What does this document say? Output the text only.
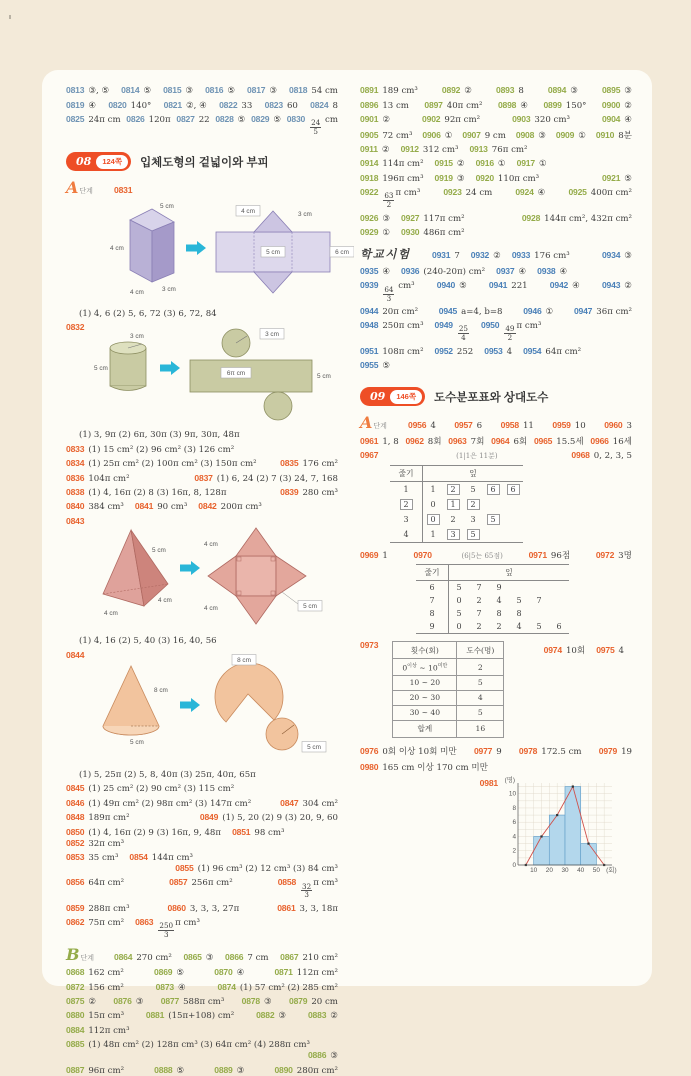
0813 ③, ⑤ 0814 ⑤ 0815 ③ 0816 ⑤ 0817 ③ 0818 54 cm
0819 ④ 0820 140° 0821 ②, ④ 0822 33 0823 60 0824 8
0825 24π cm 0826 120π 0827 22 0828 ⑤ 0829 ⑤ 0830
$\frac{24}{5}$ cm
08	124쪽	입체도형의 겉넓이와 부피
A 단계 0831
5 cm
4 cm
4 cm	3 cm
4 cm	3 cm
5 cm	6 cm
(1) 4, 6 (2) 5, 6, 72 (3) 6, 72, 84
0832
3 cm
5 cm
3 cm
6π cm	5 cm
(1) 3, 9π (2) 6π, 30π (3) 9π, 30π, 48π
0833 (1) 15 cm² (2) 96 cm² (3) 126 cm²
0834 (1) 25π cm² (2) 100π cm² (3) 150π cm²	0835 176 cm²
0836 104π cm²	0837 (1) 6, 24 (2) 7 (3) 24, 7, 168
0838 (1) 4, 16π (2) 8 (3) 16π, 8, 128π	0839 280 cm³
0840 384 cm³ 0841 90 cm³ 0842 200π cm³
0843
5 cm
4 cm
4 cm
4 cm
4 cm	5 cm
(1) 4, 16 (2) 5, 40 (3) 16, 40, 56
0844
8 cm
5 cm
8 cm
5 cm
(1) 5, 25π (2) 5, 8, 40π (3) 25π, 40π, 65π
0845 (1) 25 cm² (2) 90 cm² (3) 115 cm²
0846 (1) 49π cm² (2) 98π cm² (3) 147π cm²	0847 304 cm²
0848 189π cm²	0849 (1) 5, 20 (2) 9 (3) 20, 9, 60
0850 (1) 4, 16π (2) 9 (3) 16π, 9, 48π 0851 98 cm³
0852 32π cm³
0853 35 cm³ 0854 144π cm³
0855 (1) 96 cm³ (2) 12 cm³ (3) 84 cm³
0856 64π cm²	0857 256π cm²	0858
$\frac{32}{3}$ π cm³
0859 288π cm³	0860 3, 3, 3, 27π	0861 3, 3, 18π
0862 75π cm² 0863
$\frac{250}{3}$ π cm³
B 단계 0864 270 cm² 0865 ③ 0866 7 cm 0867 210 cm²
0868 162 cm²	0869 ⑤	0870 ④	0871 112π cm²
0872 156 cm²	0873 ④	0874 (1) 57 cm² (2) 285 cm²
0875 ② 0876 ③ 0877 588π cm³ 0878 ③ 0879 20 cm
0880 15π cm³	0881 (15π+108) cm²	0882 ③	0883 ②
0884 112π cm³
0885 (1) 48π cm² (2) 128π cm³ (3) 64π cm² (4) 288π cm³
0886 ③
0887 96π cm²	0888 ⑤	0889 ③	0890 280π cm²
0891 189 cm³	0892 ②	0893 8	0894 ③	0895 ③
0896 13 cm 0897 40π cm² 0898 ④ 0899 150° 0900 ②
0901 ②	0902 92π cm²	0903 320 cm³	0904 ④
0905 72 cm³ 0906 ① 0907 9 cm 0908 ③ 0909 ① 0910 8분
0911 ② 0912 312 cm³ 0913 76π cm²
0914 114π cm² 0915 ② 0916 ① 0917 ①
0918 196π cm³ 0919 ③ 0920 110π cm³	0921 ⑤
0922
$\frac{63}{2}$ π cm³	0923 24 cm	0924 ④	0925 400π cm²
0926 ③ 0927 117π cm²	0928 144π cm², 432π cm²
0929 ① 0930 486π cm²
학교시험	0931 7 0932 ② 0933 176 cm³	0934 ③
0935 ④ 0936 (240-20π) cm² 0937 ④ 0938 ④
0939
$\frac{64}{3} cm^3$	0940 ⑤	0941 221	0942 ④	0943 ②
0944 20π cm² 0945 a=4, b=8 0946 ① 0947 36π cm²
0948 250π cm³ 0949
$\frac{25}{4}$
0950
$\frac{49}{2}$ π cm³
0951 108π cm² 0952 252 0953 4 0954 64π cm²
0955 ⑤
09	146쪽	도수분포표와 상대도수
A 단계 0956 4 0957 6 0958 11 0959 10 0960 3
0961 1, 8 0962 8회 0963 7회 0964 6회 0965 15.5세 0966 16세
0967	(1|1은 11분)	0968 0, 2, 3, 5
줄기	잎				
1	1	2	5	6	6
2	0	1	2		
3	0	2	3	5	
4	1	3	5		
0969 1	0970	(6|5는 65점)	0971 96점	0972 3명
줄기	잎					
6	5	7	9			
7	0	2	4	5	7	
8	5	7	8	8		
9	0	2	2	4	5	6
0973	횟수(회)	도수(명)
$0^{이상}$ ~ $10^{미만}$	2
10 ~ 20	5
20 ~ 30	4
30 ~ 40	5
합계	16
0974 10회 0975 4
0976 0회 이상 10회 미만 0977 9 0978 172.5 cm 0979 19
0980 165 cm 이상 170 cm 미만
0981
0
2
4
6
8
10
10 20 30 40 50 (회)
(명)
